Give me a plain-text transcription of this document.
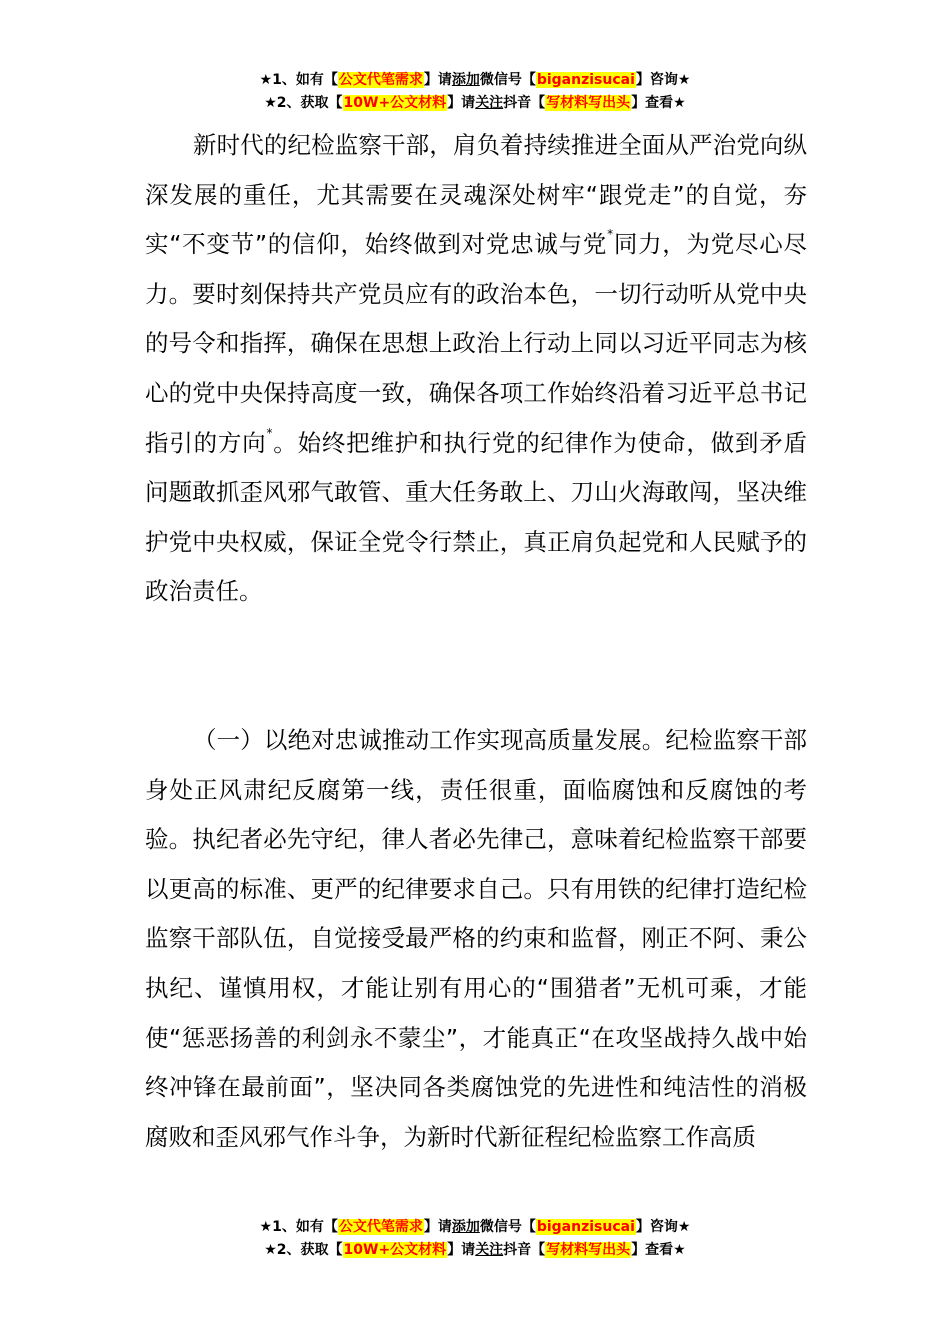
★1、如有【公文代笔需求】请添加微信号【biganzisucai】咨询★
★2、获取【10W+公文材料】请关注抖音【写材料写出头】查看★

新时代的纪检监察干部，肩负着持续推进全面从严治党向纵深发展的重任，尤其需要在灵魂深处树牢“跟党走”的自觉，夯实“不变节”的信仰，始终做到对党忠诚与党*同力，为党尽心尽力。要时刻保持共产党员应有的政治本色，一切行动听从党中央的号令和指挥，确保在思想上政治上行动上同以习近平同志为核心的党中央保持高度一致，确保各项工作始终沿着习近平总书记指引的方向*。始终把维护和执行党的纪律作为使命，做到矛盾问题敢抓歪风邪气敢管、重大任务敢上、刀山火海敢闯，坚决维护党中央权威，保证全党令行禁止，真正肩负起党和人民赋予的政治责任。

（一）以绝对忠诚推动工作实现高质量发展。纪检监察干部身处正风肃纪反腐第一线，责任很重，面临腐蚀和反腐蚀的考验。执纪者必先守纪，律人者必先律己，意味着纪检监察干部要以更高的标准、更严的纪律要求自己。只有用铁的纪律打造纪检监察干部队伍，自觉接受最严格的约束和监督，刚正不阿、秉公执纪、谨慎用权，才能让别有用心的“围猎者”无机可乘，才能使“惩恶扬善的利剑永不蒙尘”，才能真正“在攻坚战持久战中始终冲锋在最前面”，坚决同各类腐蚀党的先进性和纯洁性的消极腐败和歪风邪气作斗争，为新时代新征程纪检监察工作高质

★1、如有【公文代笔需求】请添加微信号【biganzisucai】咨询★
★2、获取【10W+公文材料】请关注抖音【写材料写出头】查看★
